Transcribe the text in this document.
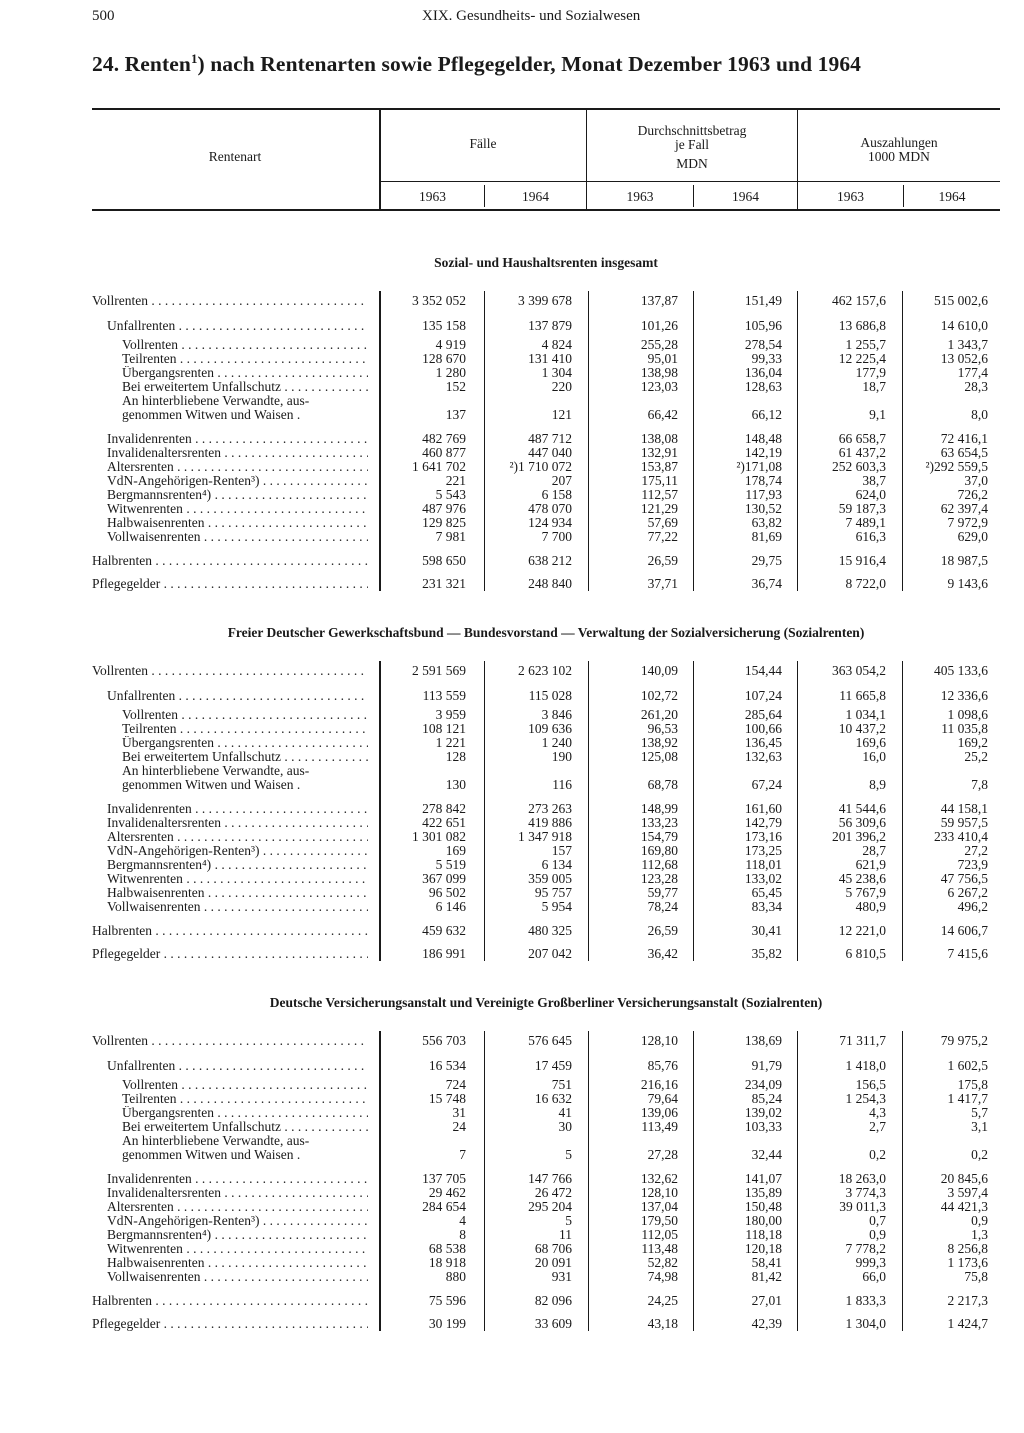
500	XIX. Gesundheits- und Sozialwesen
24. Renten$^1$) nach Rentenarten sowie Pflegegelder, Monat Dezember 1963 und 1964
Rentenart
Fälle
Durchschnittsbetrag
je Fall
MDN
Auszahlungen
1000 MDN
1963	1964	1963	1964	1963	1964
Sozial- und Haushaltsrenten insgesamt
Freier Deutscher Gewerkschaftsbund — Bundesvorstand — Verwaltung der Sozialversicherung (Sozialrenten)
Deutsche Versicherungsanstalt und Vereinigte Großberliner Versicherungsanstalt (Sozialrenten)
Vollrenten . . .	3 352 052	3 399 678	137,87	151,49	462 157,6	515 002,6
Unfallrenten . . .	135 158	137 879	101,26	105,96	13 686,8	14 610,0
Vollrenten . . .	4 919	4 824	255,28	278,54	1 255,7	1 343,7
Teilrenten . . .	128 670	131 410	95,01	99,33	12 225,4	13 052,6
Übergangsrenten . . .	1 280	1 304	138,98	136,04	177,9	177,4
Bei erweitertem Unfallschutz . . .	152	220	123,03	128,63	18,7	28,3
An hinterbliebene Verwandte, aus-
genommen Witwen und Waisen .	137	121	66,42	66,12	9,1	8,0
Invalidenrenten . . .	482 769	487 712	138,08	148,48	66 658,7	72 416,1
Invalidenaltersrenten . . .	460 877	447 040	132,91	142,19	61 437,2	63 654,5
Altersrenten . . .	1 641 702	²)1 710 072	153,87	²)171,08	252 603,3	²)292 559,5
VdN-Angehörigen-Renten³) . . .	221	207	175,11	178,74	38,7	37,0
Bergmannsrenten⁴) . . .	5 543	6 158	112,57	117,93	624,0	726,2
Witwenrenten . . .	487 976	478 070	121,29	130,52	59 187,3	62 397,4
Halbwaisenrenten . . .	129 825	124 934	57,69	63,82	7 489,1	7 972,9
Vollwaisenrenten . . .	7 981	7 700	77,22	81,69	616,3	629,0
Halbrenten . . .	598 650	638 212	26,59	29,75	15 916,4	18 987,5
Pflegegelder . . .	231 321	248 840	37,71	36,74	8 722,0	9 143,6
Vollrenten . . .	2 591 569	2 623 102	140,09	154,44	363 054,2	405 133,6
Unfallrenten . . .	113 559	115 028	102,72	107,24	11 665,8	12 336,6
Vollrenten . . .	3 959	3 846	261,20	285,64	1 034,1	1 098,6
Teilrenten . . .	108 121	109 636	96,53	100,66	10 437,2	11 035,8
Übergangsrenten . . .	1 221	1 240	138,92	136,45	169,6	169,2
Bei erweitertem Unfallschutz . . .	128	190	125,08	132,63	16,0	25,2
An hinterbliebene Verwandte, aus-
genommen Witwen und Waisen .	130	116	68,78	67,24	8,9	7,8
Invalidenrenten . . .	278 842	273 263	148,99	161,60	41 544,6	44 158,1
Invalidenaltersrenten . . .	422 651	419 886	133,23	142,79	56 309,6	59 957,5
Altersrenten . . .	1 301 082	1 347 918	154,79	173,16	201 396,2	233 410,4
VdN-Angehörigen-Renten³) . . .	169	157	169,80	173,25	28,7	27,2
Bergmannsrenten⁴) . . .	5 519	6 134	112,68	118,01	621,9	723,9
Witwenrenten . . .	367 099	359 005	123,28	133,02	45 238,6	47 756,5
Halbwaisenrenten . . .	96 502	95 757	59,77	65,45	5 767,9	6 267,2
Vollwaisenrenten . . .	6 146	5 954	78,24	83,34	480,9	496,2
Halbrenten . . .	459 632	480 325	26,59	30,41	12 221,0	14 606,7
Pflegegelder . . .	186 991	207 042	36,42	35,82	6 810,5	7 415,6
Vollrenten . . .	556 703	576 645	128,10	138,69	71 311,7	79 975,2
Unfallrenten . . .	16 534	17 459	85,76	91,79	1 418,0	1 602,5
Vollrenten . . .	724	751	216,16	234,09	156,5	175,8
Teilrenten . . .	15 748	16 632	79,64	85,24	1 254,3	1 417,7
Übergangsrenten . . .	31	41	139,06	139,02	4,3	5,7
Bei erweitertem Unfallschutz . . .	24	30	113,49	103,33	2,7	3,1
An hinterbliebene Verwandte, aus-
genommen Witwen und Waisen .	7	5	27,28	32,44	0,2	0,2
Invalidenrenten . . .	137 705	147 766	132,62	141,07	18 263,0	20 845,6
Invalidenaltersrenten . . .	29 462	26 472	128,10	135,89	3 774,3	3 597,4
Altersrenten . . .	284 654	295 204	137,04	150,48	39 011,3	44 421,3
VdN-Angehörigen-Renten³) . . .	4	5	179,50	180,00	0,7	0,9
Bergmannsrenten⁴) . . .	8	11	112,05	118,18	0,9	1,3
Witwenrenten . . .	68 538	68 706	113,48	120,18	7 778,2	8 256,8
Halbwaisenrenten . . .	18 918	20 091	52,82	58,41	999,3	1 173,6
Vollwaisenrenten . . .	880	931	74,98	81,42	66,0	75,8
Halbrenten . . .	75 596	82 096	24,25	27,01	1 833,3	2 217,3
Pflegegelder . . .	30 199	33 609	43,18	42,39	1 304,0	1 424,7
